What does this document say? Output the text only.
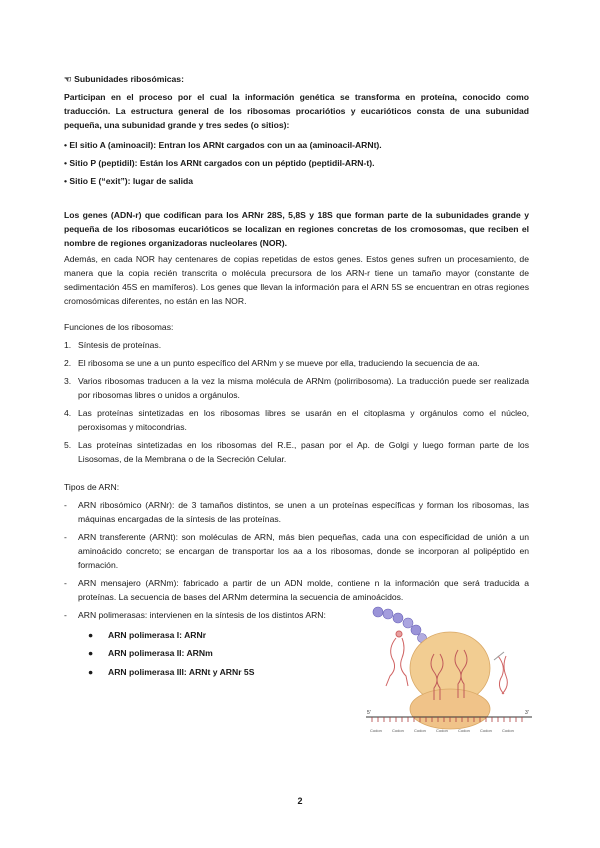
☜ Subunidades ribosómicas:
Participan en el proceso por el cual la información genética se transforma en proteína, conocido como traducción. La estructura general de los ribosomas procariótios y eucarióticos consta de una subunidad pequeña, una subunidad grande y tres sedes (o sitios):
• El sitio A (aminoacil): Entran los ARNt cargados con un aa (aminoacil-ARNt).
• Sitio P (peptidil): Están los ARNt cargados con un péptido (peptidil-ARN-t).
• Sitio E (“exit”): lugar de salida
Los genes (ADN-r) que codifican para los ARNr 28S, 5,8S y 18S que forman parte de la subunidades grande y pequeña de los ribosomas eucarióticos se localizan en regiones concretas de los cromosomas, que reciben el nombre de regiones organizadoras nucleolares (NOR).
Además, en cada NOR hay centenares de copias repetidas de estos genes. Estos genes sufren un procesamiento, de manera que la copia recién transcrita o molécula precursora de los ARN-r tiene un tamaño mayor (constante de sedimentación 45S en mamíferos). Los genes que llevan la información para el ARN 5S se encuentran en otras regiones cromosómicas diferentes, no están en las NOR.
Funciones de los ribosomas:
1. Síntesis de proteínas.
2. El ribosoma se une a un punto específico del ARNm y se mueve por ella, traduciendo la secuencia de aa.
3. Varios ribosomas traducen a la vez la misma molécula de ARNm (polirribosoma). La traducción puede ser realizada por ribosomas libres o unidos a orgánulos.
4. Las proteínas sintetizadas en los ribosomas libres se usarán en el citoplasma y orgánulos como el núcleo, peroxisomas y mitocondrias.
5. Las proteínas sintetizadas en los ribosomas del R.E., pasan por el Ap. de Golgi y luego forman parte de los Lisosomas, de la Membrana o de la Secreción Celular.
Tipos de ARN:
- ARN ribosómico (ARNr): de 3 tamaños distintos, se unen a un proteínas específicas y forman los ribosomas, las máquinas encargadas de la síntesis de las proteínas.
- ARN transferente (ARNt): son moléculas de ARN, más bien pequeñas, cada una con especificidad de unión a un aminoácido concreto; se encargan de transportar los aa a los ribosomas, donde se incorporan al polipéptido en formación.
- ARN mensajero (ARNm): fabricado a partir de un ADN molde, contiene n la información que será traducida a proteínas. La secuencia de bases del ARNm determina la secuencia de aminoácidos.
- ARN polimerasas: intervienen en la síntesis de los distintos ARN:
● ARN polimerasa I: ARNr
● ARN polimerasa II: ARNm
● ARN polimerasa III: ARNt y ARNr 5S
5'	3'
Codon	Codon	Codon	Codon	Codon	Codon	Codon
2
